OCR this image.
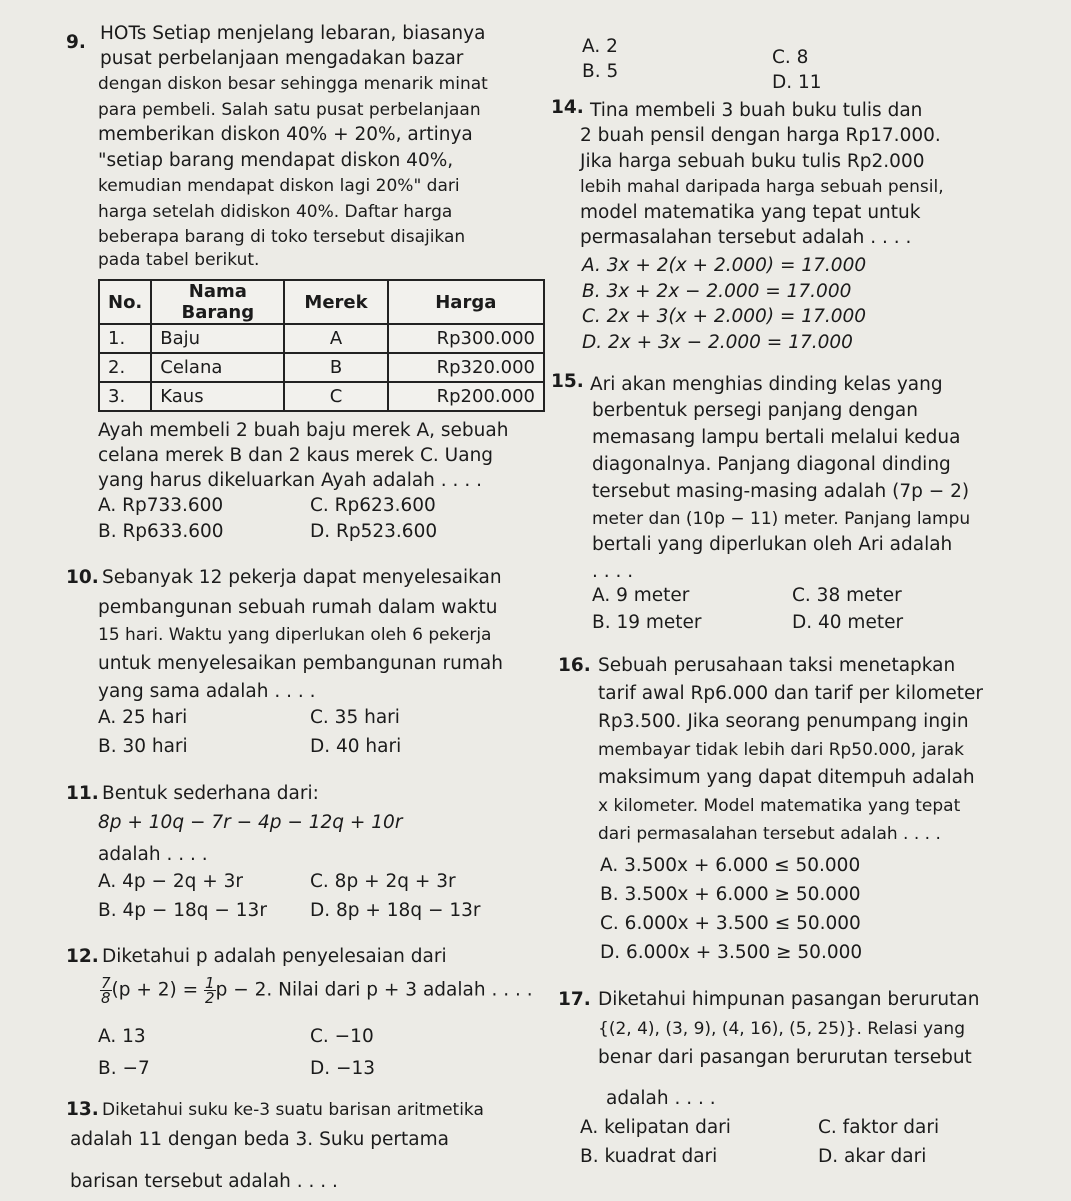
9. HOTs Setiap menjelang lebaran, biasanya
pusat perbelanjaan mengadakan bazar
dengan diskon besar sehingga menarik minat
para pembeli. Salah satu pusat perbelanjaan
memberikan diskon 40% + 20%, artinya
"setiap barang mendapat diskon 40%,
kemudian mendapat diskon lagi 20%" dari
harga setelah didiskon 40%. Daftar harga
beberapa barang di toko tersebut disajikan
pada tabel berikut.
No.	Nama Barang	Merek	Harga
1.	Baju	A	Rp300.000
2.	Celana	B	Rp320.000
3.	Kaus	C	Rp200.000
Ayah membeli 2 buah baju merek A, sebuah
celana merek B dan 2 kaus merek C. Uang
yang harus dikeluarkan Ayah adalah . . . .
A. Rp733.600	C. Rp623.600
B. Rp633.600	D. Rp523.600
10. Sebanyak 12 pekerja dapat menyelesaikan
pembangunan sebuah rumah dalam waktu
15 hari. Waktu yang diperlukan oleh 6 pekerja
untuk menyelesaikan pembangunan rumah
yang sama adalah . . . .
A. 25 hari	C. 35 hari
B. 30 hari	D. 40 hari
11. Bentuk sederhana dari:
8p + 10q − 7r − 4p − 12q + 10r
adalah . . . .
A. 4p − 2q + 3r	C. 8p + 2q + 3r
B. 4p − 18q − 13r D. 8p + 18q − 13r
12. Diketahui p adalah penyelesaian dari
$\frac{7}{8} (p + 2) = \frac{1}{2}$ p − 2. Nilai dari p + 3 adalah . . . .
A. 13	C. −10
B. −7	D. −13
13. Diketahui suku ke-3 suatu barisan aritmetika
adalah 11 dengan beda 3. Suku pertama
barisan tersebut adalah . . . .
A. 2
B. 5
C. 8
D. 11
14. Tina membeli 3 buah buku tulis dan
2 buah pensil dengan harga Rp17.000.
Jika harga sebuah buku tulis Rp2.000
lebih mahal daripada harga sebuah pensil,
model matematika yang tepat untuk
permasalahan tersebut adalah . . . .
A. 3x + 2(x + 2.000) = 17.000
B. 3x + 2x − 2.000 = 17.000
C. 2x + 3(x + 2.000) = 17.000
D. 2x + 3x − 2.000 = 17.000
15. Ari akan menghias dinding kelas yang
berbentuk persegi panjang dengan
memasang lampu bertali melalui kedua
diagonalnya. Panjang diagonal dinding
tersebut masing-masing adalah (7p − 2)
meter dan (10p − 11) meter. Panjang lampu
bertali yang diperlukan oleh Ari adalah
. . . .
A. 9 meter	C. 38 meter
B. 19 meter	D. 40 meter
16. Sebuah perusahaan taksi menetapkan
tarif awal Rp6.000 dan tarif per kilometer
Rp3.500. Jika seorang penumpang ingin
membayar tidak lebih dari Rp50.000, jarak
maksimum yang dapat ditempuh adalah
x kilometer. Model matematika yang tepat
dari permasalahan tersebut adalah . . . .
A. 3.500x + 6.000 ≤ 50.000
B. 3.500x + 6.000 ≥ 50.000
C. 6.000x + 3.500 ≤ 50.000
D. 6.000x + 3.500 ≥ 50.000
17. Diketahui himpunan pasangan berurutan
{(2, 4), (3, 9), (4, 16), (5, 25)}. Relasi yang
benar dari pasangan berurutan tersebut
adalah . . . .
A. kelipatan dari	C. faktor dari
B. kuadrat dari	D. akar dari
